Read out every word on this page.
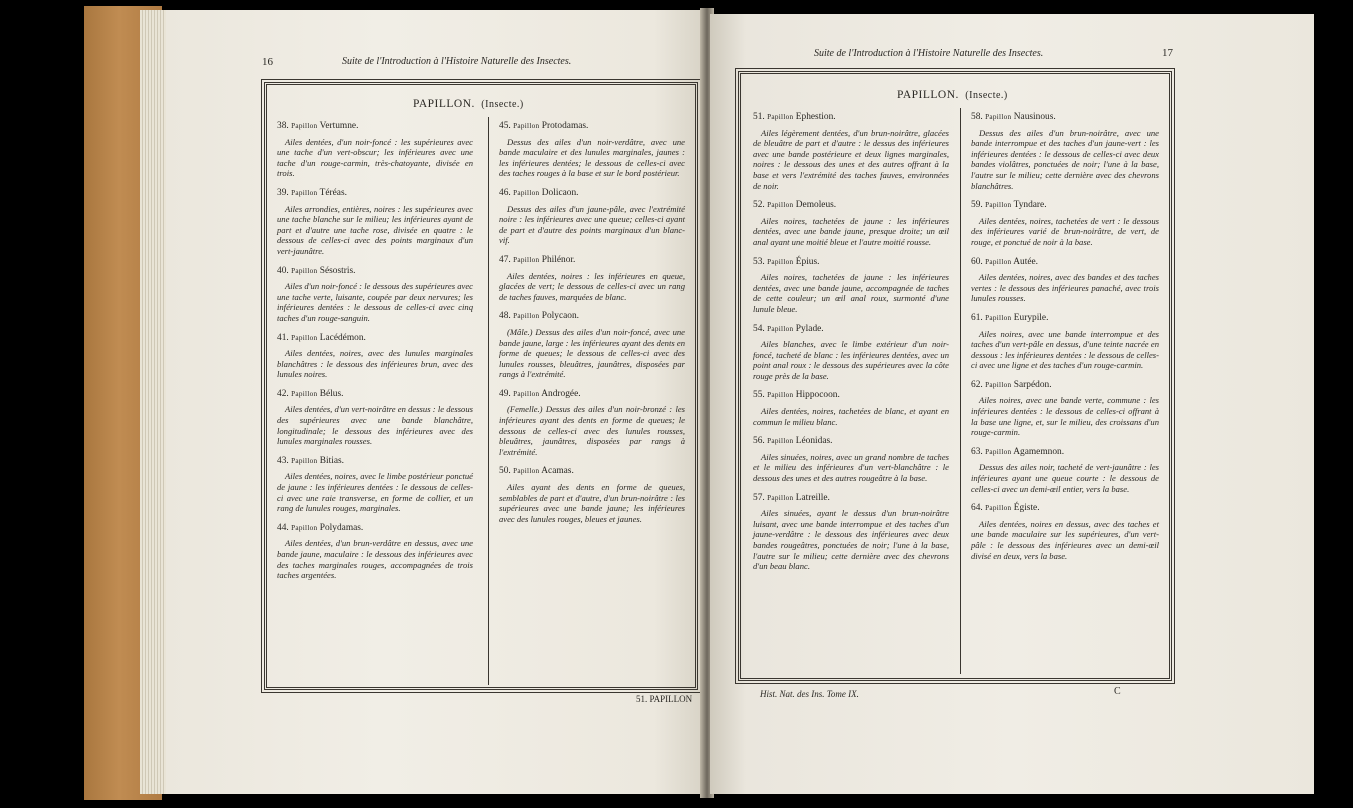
16	Suite de l'Introduction à l'Histoire Naturelle des Insectes.
PAPILLON. (Insecte.)
38. Papillon Vertumne.
Ailes dentées, d'un noir-foncé : les supérieures avec une tache d'un vert-obscur; les inférieures avec une tache d'un rouge-carmin, très-chatoyante, divisée en trois.
39. Papillon Téréas.
Ailes arrondies, entières, noires : les supérieures avec une tache blanche sur le milieu; les inférieures ayant de part et d'autre une tache rose, divisée en quatre : le dessous de celles-ci avec des points marginaux d'un vert-jaunâtre.
40. Papillon Sésostris.
Ailes d'un noir-foncé : le dessous des supérieures avec une tache verte, luisante, coupée par deux nervures; les inférieures dentées : le dessous de celles-ci avec cinq taches d'un rouge-sanguin.
41. Papillon Lacédémon.
Ailes dentées, noires, avec des lunules marginales blanchâtres : le dessous des inférieures brun, avec des lunules noires.
42. Papillon Bélus.
Ailes dentées, d'un vert-noirâtre en dessus : le dessous des supérieures avec une bande blanchâtre, longitudinale; le dessous des inférieures avec des lunules marginales rousses.
43. Papillon Bitias.
Ailes dentées, noires, avec le limbe postérieur ponctué de jaune : les inférieures dentées : le dessous de celles-ci avec une raie transverse, en forme de collier, et un rang de lunules rouges, marginales.
44. Papillon Polydamas.
Ailes dentées, d'un brun-verdâtre en dessus, avec une bande jaune, maculaire : le dessous des inférieures avec des taches marginales rouges, accompagnées de trois taches argentées.
45. Papillon Protodamas.
Dessus des ailes d'un noir-verdâtre, avec une bande maculaire et des lunules marginales, jaunes : les inférieures dentées; le dessous de celles-ci avec des taches rouges à la base et sur le bord postérieur.
46. Papillon Dolicaon.
Dessus des ailes d'un jaune-pâle, avec l'extrémité noire : les inférieures avec une queue; celles-ci ayant de part et d'autre des points marginaux d'un blanc-vif.
47. Papillon Philénor.
Ailes dentées, noires : les inférieures en queue, glacées de vert; le dessous de celles-ci avec un rang de taches fauves, marquées de blanc.
48. Papillon Polycaon.
(Mâle.) Dessus des ailes d'un noir-foncé, avec une bande jaune, large : les inférieures ayant des dents en forme de queues; le dessous de celles-ci avec des lunules rousses, bleuâtres, jaunâtres, disposées par rangs à l'extrémité.
49. Papillon Androgée.
(Femelle.) Dessus des ailes d'un noir-bronzé : les inférieures ayant des dents en forme de queues; le dessous de celles-ci avec des lunules rousses, bleuâtres, jaunâtres, disposées par rangs à l'extrémité.
50. Papillon Acamas.
Ailes ayant des dents en forme de queues, semblables de part et d'autre, d'un brun-noirâtre : les supérieures avec une bande jaune; les inférieures avec des lunules rouges, bleues et jaunes.
51. PAPILLON
Suite de l'Introduction à l'Histoire Naturelle des Insectes.	17
PAPILLON. (Insecte.)
51. Papillon Ephestion.
Ailes légèrement dentées, d'un brun-noirâtre, glacées de bleuâtre de part et d'autre : le dessus des inférieures avec une bande postérieure et deux lignes marginales, noires : le dessous des unes et des autres offrant à la base et vers l'extrémité des taches fauves, environnées de noir.
52. Papillon Demoleus.
Ailes noires, tachetées de jaune : les inférieures dentées, avec une bande jaune, presque droite; un œil anal ayant une moitié bleue et l'autre moitié rousse.
53. Papillon Épius.
Ailes noires, tachetées de jaune : les inférieures dentées, avec une bande jaune, accompagnée de taches de cette couleur; un œil anal roux, surmonté d'une lunule bleue.
54. Papillon Pylade.
Ailes blanches, avec le limbe extérieur d'un noir-foncé, tacheté de blanc : les inférieures dentées, avec un point anal roux : le dessous des supérieures avec la côte rouge près de la base.
55. Papillon Hippocoon.
Ailes dentées, noires, tachetées de blanc, et ayant en commun le milieu blanc.
56. Papillon Léonidas.
Ailes sinuées, noires, avec un grand nombre de taches et le milieu des inférieures d'un vert-blanchâtre : le dessous des unes et des autres rougeâtre à la base.
57. Papillon Latreille.
Ailes sinuées, ayant le dessus d'un brun-noirâtre luisant, avec une bande interrompue et des taches d'un jaune-verdâtre : le dessous des inférieures avec deux bandes rougeâtres, ponctuées de noir; l'une à la base, l'autre sur le milieu; cette dernière avec des chevrons d'un beau blanc.
58. Papillon Nausinous.
Dessus des ailes d'un brun-noirâtre, avec une bande interrompue et des taches d'un jaune-vert : les inférieures dentées : le dessous de celles-ci avec deux bandes violâtres, ponctuées de noir; l'une à la base, l'autre sur le milieu; cette dernière avec des chevrons blanchâtres.
59. Papillon Tyndare.
Ailes dentées, noires, tachetées de vert : le dessous des inférieures varié de brun-noirâtre, de vert, de rouge, et ponctué de noir à la base.
60. Papillon Autée.
Ailes dentées, noires, avec des bandes et des taches vertes : le dessous des inférieures panaché, avec trois lunules rousses.
61. Papillon Eurypile.
Ailes noires, avec une bande interrompue et des taches d'un vert-pâle en dessus, d'une teinte nacrée en dessous : les inférieures dentées : le dessous de celles-ci avec une ligne et des taches d'un rouge-carmin.
62. Papillon Sarpédon.
Ailes noires, avec une bande verte, commune : les inférieures dentées : le dessous de celles-ci offrant à la base une ligne, et, sur le milieu, des croissans d'un rouge-carmin.
63. Papillon Agamemnon.
Dessus des ailes noir, tacheté de vert-jaunâtre : les inférieures ayant une queue courte : le dessous de celles-ci avec un demi-œil entier, vers la base.
64. Papillon Égiste.
Ailes dentées, noires en dessus, avec des taches et une bande maculaire sur les supérieures, d'un vert-pâle : le dessous des inférieures avec un demi-œil divisé en deux, vers la base.
Hist. Nat. des Ins. Tome IX.	C
